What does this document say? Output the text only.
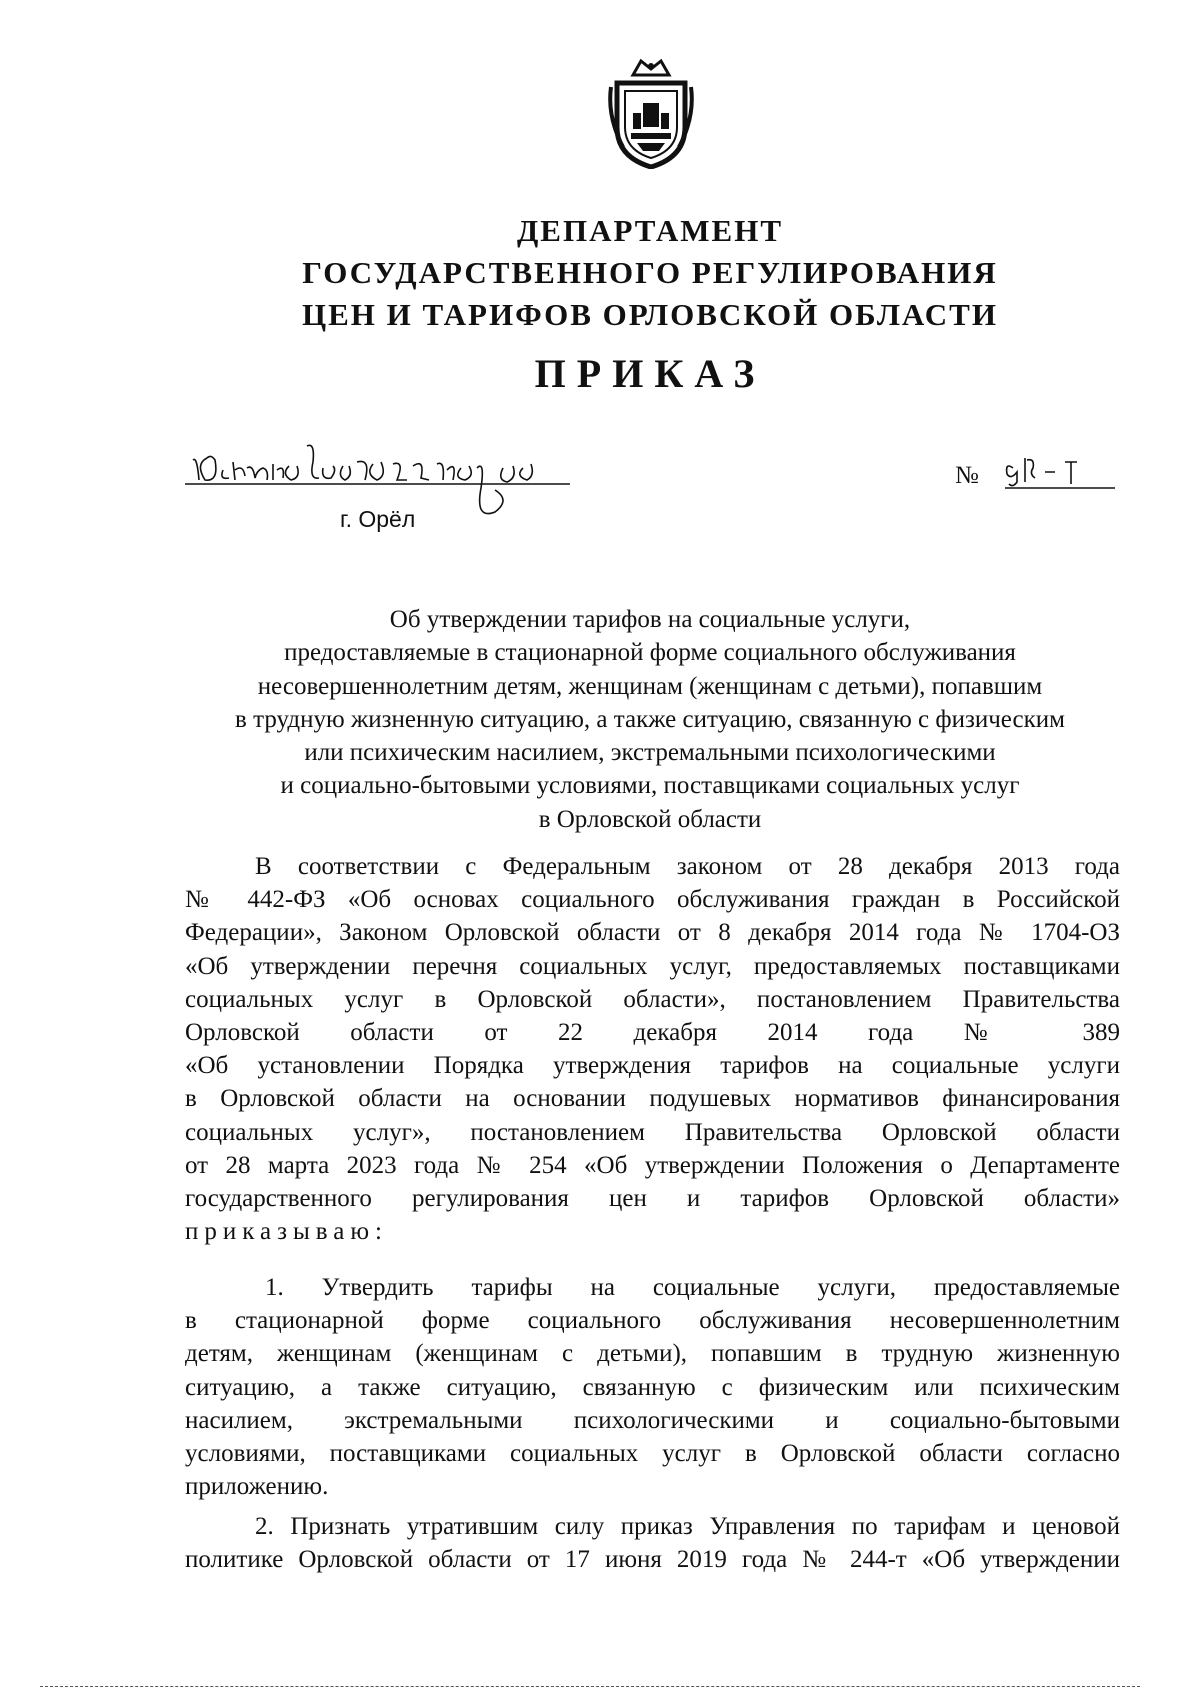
ДЕПАРТАМЕНТ
ГОСУДАРСТВЕННОГО РЕГУЛИРОВАНИЯ
ЦЕН И ТАРИФОВ ОРЛОВСКОЙ ОБЛАСТИ
ПРИКАЗ
№
г. Орёл
Об утверждении тарифов на социальные услуги,
предоставляемые в стационарной форме социального обслуживания
несовершеннолетним детям, женщинам (женщинам с детьми), попавшим
в трудную жизненную ситуацию, а также ситуацию, связанную с физическим
или психическим насилием, экстремальными психологическими
и социально-бытовыми условиями, поставщиками социальных услуг
в Орловской области
В соответствии с Федеральным законом от 28 декабря 2013 года
№ 442-ФЗ «Об основах социального обслуживания граждан в Российской
Федерации», Законом Орловской области от 8 декабря 2014 года № 1704-ОЗ
«Об утверждении перечня социальных услуг, предоставляемых поставщиками
социальных услуг в Орловской области», постановлением Правительства
Орловской области от 22 декабря 2014 года № 389
«Об установлении Порядка утверждения тарифов на социальные услуги
в Орловской области на основании подушевых нормативов финансирования
социальных услуг», постановлением Правительства Орловской области
от 28 марта 2023 года № 254 «Об утверждении Положения о Департаменте
государственного регулирования цен и тарифов Орловской области»
приказываю:
1. Утвердить тарифы на социальные услуги, предоставляемые
в стационарной форме социального обслуживания несовершеннолетним
детям, женщинам (женщинам с детьми), попавшим в трудную жизненную
ситуацию, а также ситуацию, связанную с физическим или психическим
насилием, экстремальными психологическими и социально-бытовыми
условиями, поставщиками социальных услуг в Орловской области согласно
приложению.
2. Признать утратившим силу приказ Управления по тарифам и ценовой
политике Орловской области от 17 июня 2019 года № 244-т «Об утверждении
